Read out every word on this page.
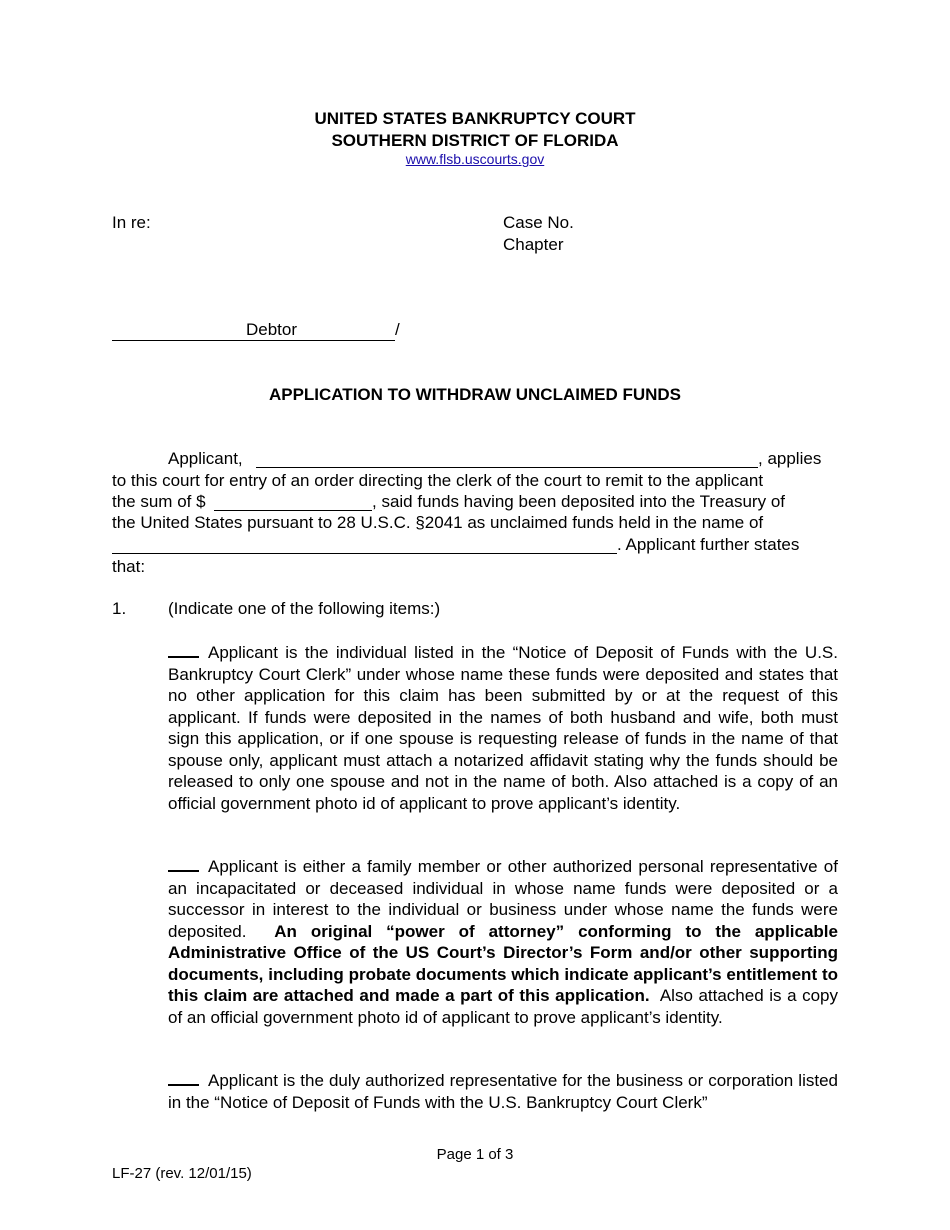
UNITED STATES BANKRUPTCY COURT
SOUTHERN DISTRICT OF FLORIDA
www.flsb.uscourts.gov
In re:	Case No.
Chapter
Debtor	/
APPLICATION TO WITHDRAW UNCLAIMED FUNDS
Applicant,	, applies
to this court for entry of an order directing the clerk of the court to remit to the applicant
the sum of $	, said funds having been deposited into the Treasury of
the United States pursuant to 28 U.S.C. §2041 as unclaimed funds held in the name of
. Applicant further states
that:
1. (Indicate one of the following items:)
Applicant is the individual listed in the “Notice of Deposit of Funds with the U.S. Bankruptcy Court Clerk” under whose name these funds were deposited and states that no other application for this claim has been submitted by or at the request of this applicant. If funds were deposited in the names of both husband and wife, both must sign this application, or if one spouse is requesting release of funds in the name of that spouse only, applicant must attach a notarized affidavit stating why the funds should be released to only one spouse and not in the name of both. Also attached is a copy of an official government photo id of applicant to prove applicant’s identity.
Applicant is either a family member or other authorized personal representative of an incapacitated or deceased individual in whose name funds were deposited or a successor in interest to the individual or business under whose name the funds were deposited. An original “power of attorney” conforming to the applicable Administrative Office of the US Court’s Director’s Form and/or other supporting documents, including probate documents which indicate applicant’s entitlement to this claim are attached and made a part of this application. Also attached is a copy of an official government photo id of applicant to prove applicant’s identity.
Applicant is the duly authorized representative for the business or corporation listed in the “Notice of Deposit of Funds with the U.S. Bankruptcy Court Clerk”
Page 1 of 3
LF-27 (rev. 12/01/15)
